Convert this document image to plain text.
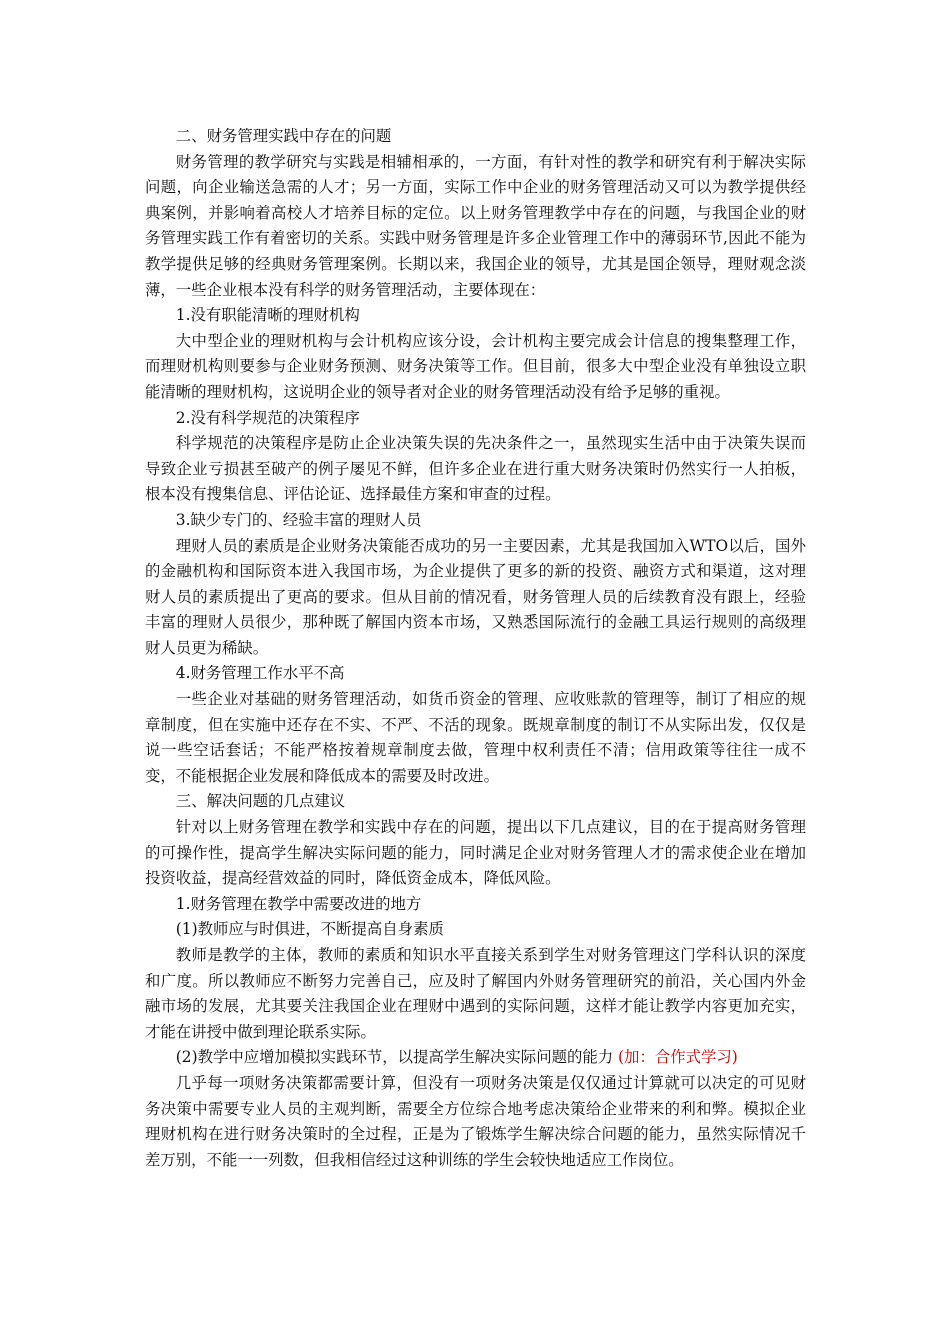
二、财务管理实践中存在的问题

财务管理的教学研究与实践是相辅相承的，一方面，有针对性的教学和研究有利于解决实际问题，向企业输送急需的人才；另一方面，实际工作中企业的财务管理活动又可以为教学提供经典案例，并影响着高校人才培养目标的定位。以上财务管理教学中存在的问题，与我国企业的财务管理实践工作有着密切的关系。实践中财务管理是许多企业管理工作中的薄弱环节,因此不能为教学提供足够的经典财务管理案例。长期以来，我国企业的领导，尤其是国企领导，理财观念淡薄，一些企业根本没有科学的财务管理活动，主要体现在：

1.没有职能清晰的理财机构

大中型企业的理财机构与会计机构应该分设，会计机构主要完成会计信息的搜集整理工作，而理财机构则要参与企业财务预测、财务决策等工作。但目前，很多大中型企业没有单独设立职能清晰的理财机构，这说明企业的领导者对企业的财务管理活动没有给予足够的重视。

2.没有科学规范的决策程序

科学规范的决策程序是防止企业决策失误的先决条件之一，虽然现实生活中由于决策失误而导致企业亏损甚至破产的例子屡见不鲜，但许多企业在进行重大财务决策时仍然实行一人拍板，根本没有搜集信息、评估论证、选择最佳方案和审查的过程。

3.缺少专门的、经验丰富的理财人员

理财人员的素质是企业财务决策能否成功的另一主要因素，尤其是我国加入WTO以后，国外的金融机构和国际资本进入我国市场，为企业提供了更多的新的投资、融资方式和渠道，这对理财人员的素质提出了更高的要求。但从目前的情况看，财务管理人员的后续教育没有跟上，经验丰富的理财人员很少，那种既了解国内资本市场，又熟悉国际流行的金融工具运行规则的高级理财人员更为稀缺。

4.财务管理工作水平不高

一些企业对基础的财务管理活动，如货币资金的管理、应收账款的管理等，制订了相应的规章制度，但在实施中还存在不实、不严、不活的现象。既规章制度的制订不从实际出发，仅仅是说一些空话套话；不能严格按着规章制度去做，管理中权利责任不清；信用政策等往往一成不变，不能根据企业发展和降低成本的需要及时改进。

三、解决问题的几点建议

针对以上财务管理在教学和实践中存在的问题，提出以下几点建议，目的在于提高财务管理的可操作性，提高学生解决实际问题的能力，同时满足企业对财务管理人才的需求使企业在增加投资收益，提高经营效益的同时，降低资金成本，降低风险。

1.财务管理在教学中需要改进的地方

(1)教师应与时俱进，不断提高自身素质

教师是教学的主体，教师的素质和知识水平直接关系到学生对财务管理这门学科认识的深度和广度。所以教师应不断努力完善自己，应及时了解国内外财务管理研究的前沿，关心国内外金融市场的发展，尤其要关注我国企业在理财中遇到的实际问题，这样才能让教学内容更加充实，才能在讲授中做到理论联系实际。

(2)教学中应增加模拟实践环节，以提高学生解决实际问题的能力 (加：合作式学习)

几乎每一项财务决策都需要计算，但没有一项财务决策是仅仅通过计算就可以决定的可见财务决策中需要专业人员的主观判断，需要全方位综合地考虑决策给企业带来的利和弊。模拟企业理财机构在进行财务决策时的全过程，正是为了锻炼学生解决综合问题的能力，虽然实际情况千差万别，不能一一列数，但我相信经过这种训练的学生会较快地适应工作岗位。
